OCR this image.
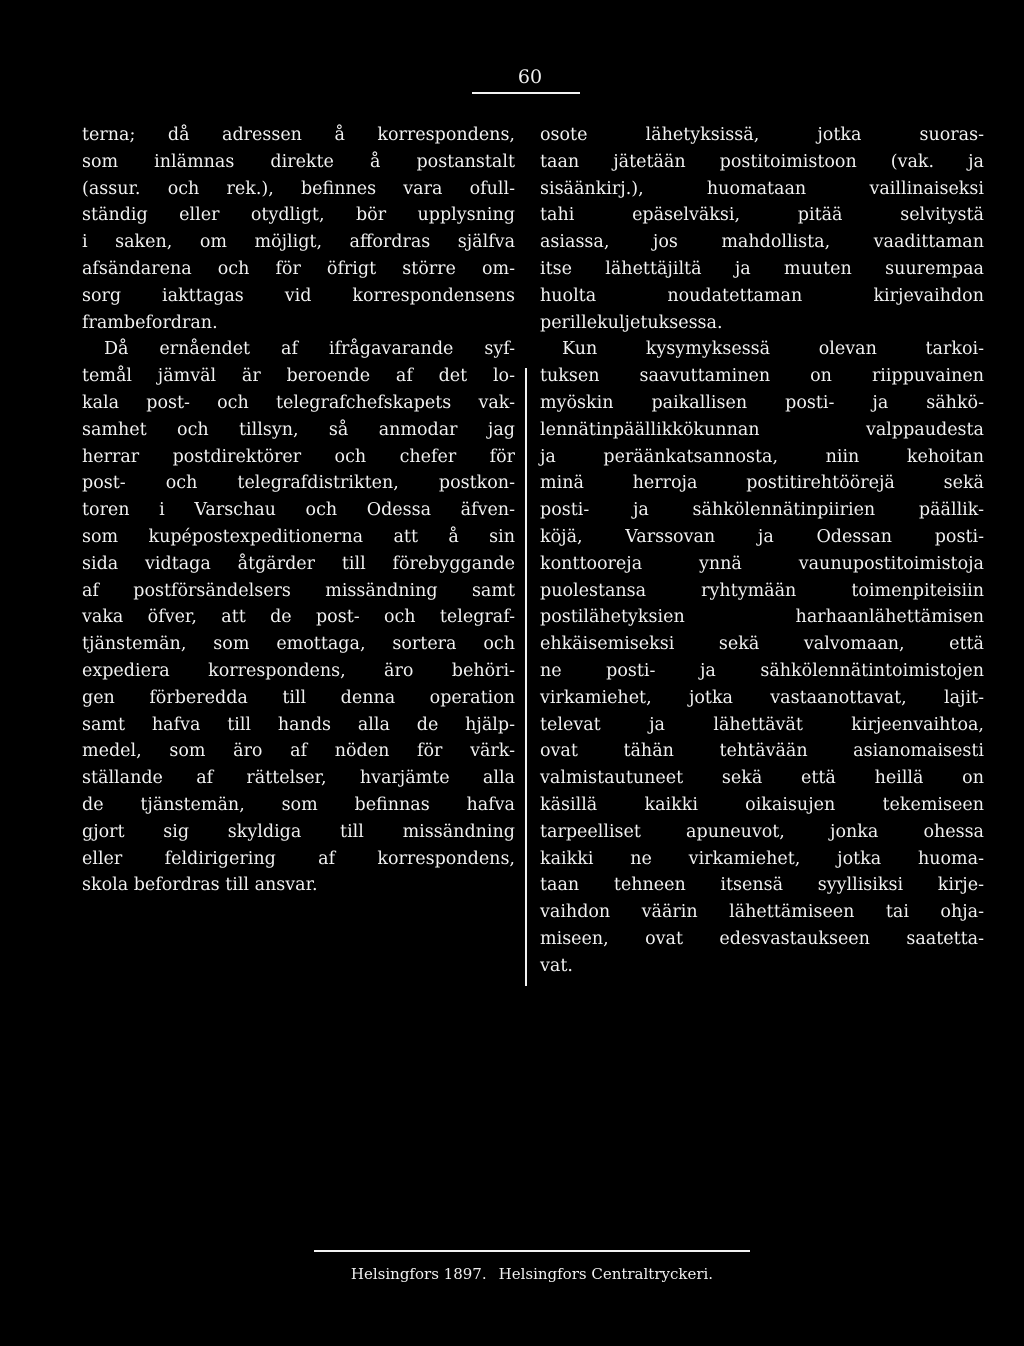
60
terna; då adressen å korrespondens,
som inlämnas direkte å postanstalt
(assur. och rek.), befinnes vara ofull-
ständig eller otydligt, bör upplysning
i saken, om möjligt, affordras själfva
afsändarena och för öfrigt större om-
sorg iakttagas vid korrespondensens
frambefordran.
Då ernåendet af ifrågavarande syf-
temål jämväl är beroende af det lo-
kala post- och telegrafchefskapets vak-
samhet och tillsyn, så anmodar jag
herrar postdirektörer och chefer för
post- och telegrafdistrikten, postkon-
toren i Varschau och Odessa äfven-
som kupépostexpeditionerna att å sin
sida vidtaga åtgärder till förebyggande
af postförsändelsers missändning samt
vaka öfver, att de post- och telegraf-
tjänstemän, som emottaga, sortera och
expediera korrespondens, äro behöri-
gen förberedda till denna operation
samt hafva till hands alla de hjälp-
medel, som äro af nöden för värk-
ställande af rättelser, hvarjämte alla
de tjänstemän, som befinnas hafva
gjort sig skyldiga till missändning
eller feldirigering af korrespondens,
skola befordras till ansvar.
osote lähetyksissä, jotka suoras-
taan jätetään postitoimistoon (vak. ja
sisäänkirj.), huomataan vaillinaiseksi
tahi epäselväksi, pitää selvitystä
asiassa, jos mahdollista, vaadittaman
itse lähettäjiltä ja muuten suurempaa
huolta noudatettaman kirjevaihdon
perillekuljetuksessa.
Kun kysymyksessä olevan tarkoi-
tuksen saavuttaminen on riippuvainen
myöskin paikallisen posti- ja sähkö-
lennätinpäällikkökunnan valppaudesta
ja peräänkatsannosta, niin kehoitan
minä herroja postitirehtöörejä sekä
posti- ja sähkölennätinpiirien päällik-
köjä, Varssovan ja Odessan posti-
konttooreja ynnä vaunupostitoimistoja
puolestansa ryhtymään toimenpiteisiin
postilähetyksien harhaanlähettämisen
ehkäisemiseksi sekä valvomaan, että
ne posti- ja sähkölennätintoimistojen
virkamiehet, jotka vastaanottavat, lajit-
televat ja lähettävät kirjeenvaihtoa,
ovat tähän tehtävään asianomaisesti
valmistautuneet sekä että heillä on
käsillä kaikki oikaisujen tekemiseen
tarpeelliset apuneuvot, jonka ohessa
kaikki ne virkamiehet, jotka huoma-
taan tehneen itsensä syyllisiksi kirje-
vaihdon väärin lähettämiseen tai ohja-
miseen, ovat edesvastaukseen saatetta-
vat.
Helsingfors 1897. Helsingfors Centraltryckeri.
